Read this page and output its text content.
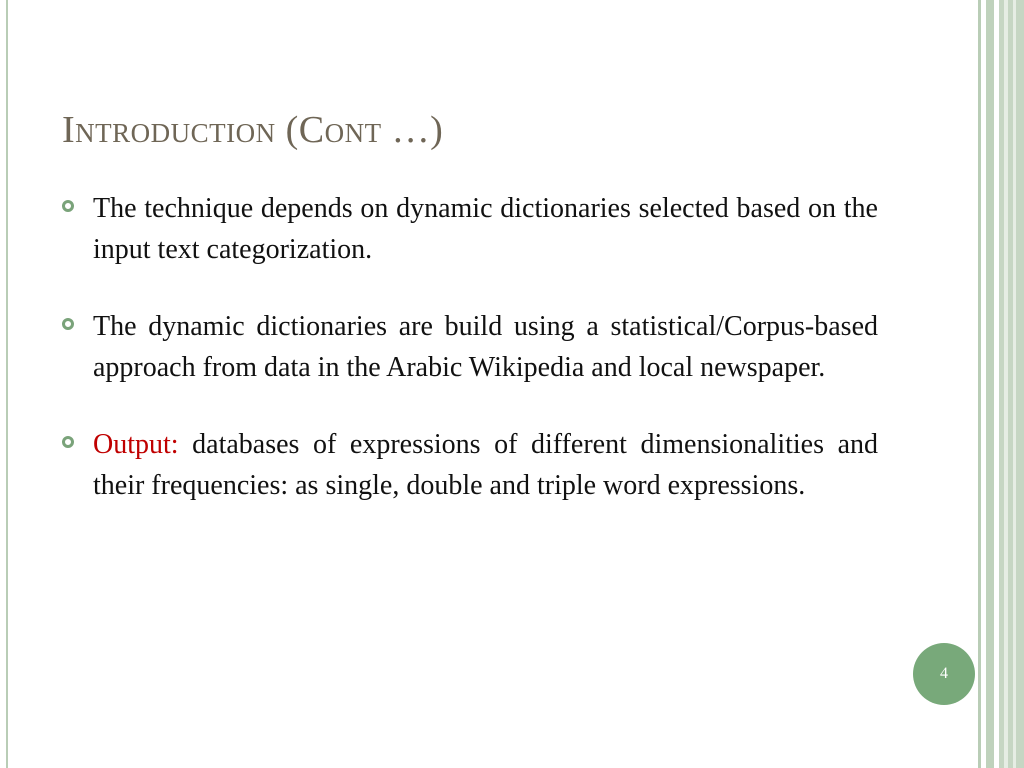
Introduction (Cont …)
The technique depends on dynamic dictionaries selected based on the input text categorization.
The dynamic dictionaries are build using a statistical/Corpus-based approach from data in the Arabic Wikipedia and local newspaper.
Output: databases of expressions of different dimensionalities and their frequencies: as single, double and triple word expressions.
4
